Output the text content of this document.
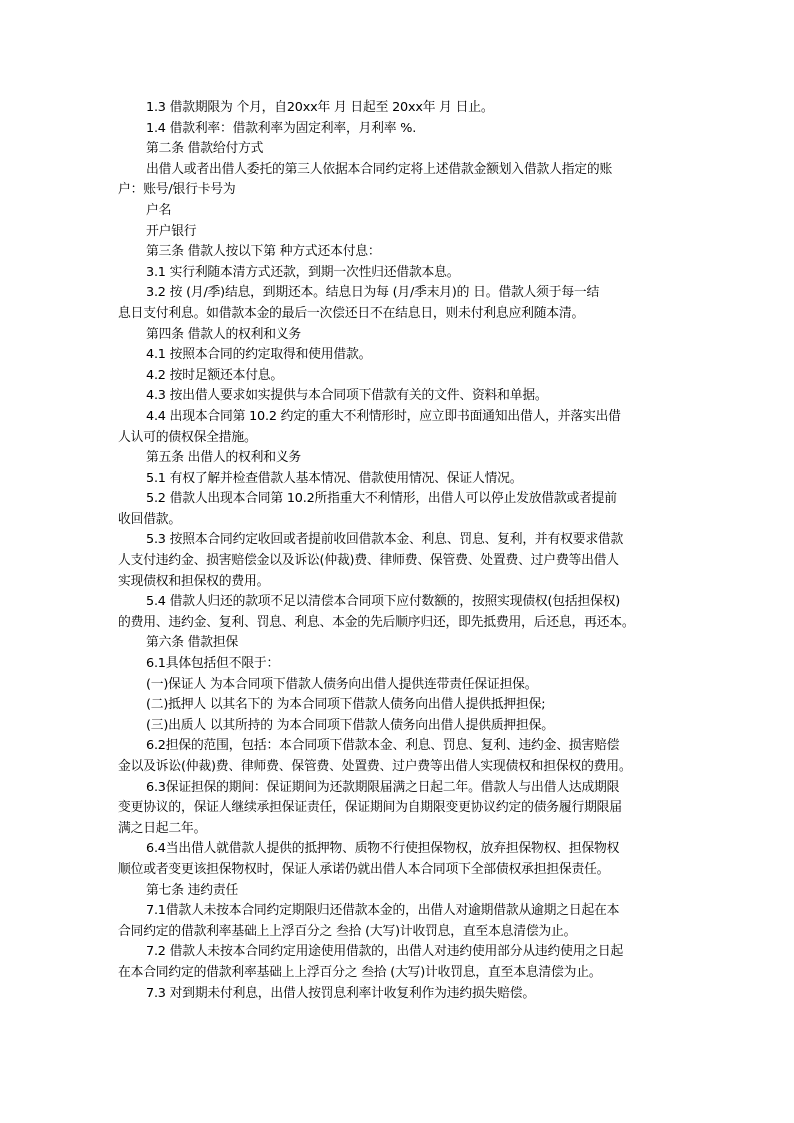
1.3 借款期限为 个月，自20xx年 月 日起至 20xx年 月 日止。
1.4 借款利率：借款利率为固定利率，月利率 %.
第二条 借款给付方式
出借人或者出借人委托的第三人依据本合同约定将上述借款金额划入借款人指定的账
户：账号/银行卡号为
户名
开户银行
第三条 借款人按以下第 种方式还本付息：
3.1 实行利随本清方式还款，到期一次性归还借款本息。
3.2 按 (月/季)结息，到期还本。结息日为每 (月/季末月)的 日。借款人须于每一结
息日支付利息。如借款本金的最后一次偿还日不在结息日，则未付利息应利随本清。
第四条 借款人的权利和义务
4.1 按照本合同的约定取得和使用借款。
4.2 按时足额还本付息。
4.3 按出借人要求如实提供与本合同项下借款有关的文件、资料和单据。
4.4 出现本合同第 10.2 约定的重大不利情形时，应立即书面通知出借人，并落实出借
人认可的债权保全措施。
第五条 出借人的权利和义务
5.1 有权了解并检查借款人基本情况、借款使用情况、保证人情况。
5.2 借款人出现本合同第 10.2所指重大不利情形，出借人可以停止发放借款或者提前
收回借款。
5.3 按照本合同约定收回或者提前收回借款本金、利息、罚息、复利，并有权要求借款
人支付违约金、损害赔偿金以及诉讼(仲裁)费、律师费、保管费、处置费、过户费等出借人
实现债权和担保权的费用。
5.4 借款人归还的款项不足以清偿本合同项下应付数额的，按照实现债权(包括担保权)
的费用、违约金、复利、罚息、利息、本金的先后顺序归还，即先抵费用，后还息，再还本。
第六条 借款担保
6.1具体包括但不限于：
(一)保证人 为本合同项下借款人债务向出借人提供连带责任保证担保。
(二)抵押人 以其名下的 为本合同项下借款人债务向出借人提供抵押担保;
(三)出质人 以其所持的 为本合同项下借款人债务向出借人提供质押担保。
6.2担保的范围，包括：本合同项下借款本金、利息、罚息、复利、违约金、损害赔偿
金以及诉讼(仲裁)费、律师费、保管费、处置费、过户费等出借人实现债权和担保权的费用。
6.3保证担保的期间：保证期间为还款期限届满之日起二年。借款人与出借人达成期限
变更协议的，保证人继续承担保证责任，保证期间为自期限变更协议约定的债务履行期限届
满之日起二年。
6.4当出借人就借款人提供的抵押物、质物不行使担保物权，放弃担保物权、担保物权
顺位或者变更该担保物权时，保证人承诺仍就出借人本合同项下全部债权承担担保责任。
第七条 违约责任
7.1借款人未按本合同约定期限归还借款本金的，出借人对逾期借款从逾期之日起在本
合同约定的借款利率基础上上浮百分之 叁拾 (大写)计收罚息，直至本息清偿为止。
7.2 借款人未按本合同约定用途使用借款的，出借人对违约使用部分从违约使用之日起
在本合同约定的借款利率基础上上浮百分之 叁拾 (大写)计收罚息，直至本息清偿为止。
7.3 对到期未付利息，出借人按罚息利率计收复利作为违约损失赔偿。
